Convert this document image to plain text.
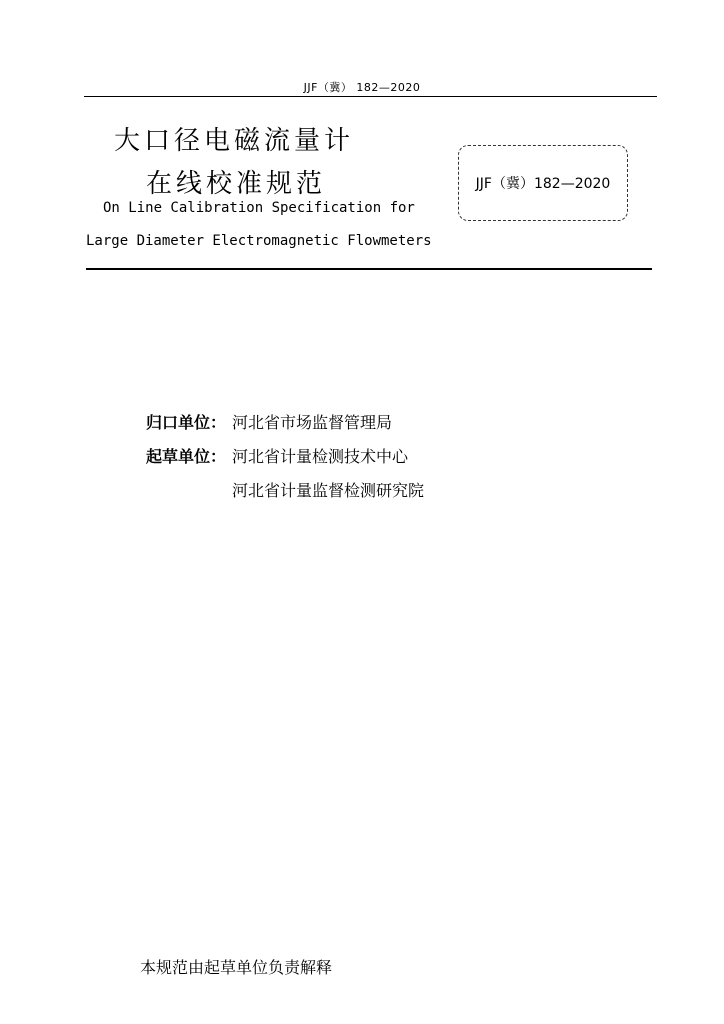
JJF（冀） 182—2020
大口径电磁流量计
在线校准规范
On Line Calibration Specification for
Large Diameter Electromagnetic Flowmeters
JJF（冀）182—2020
归口单位： 河北省市场监督管理局
起草单位： 河北省计量检测技术中心
河北省计量监督检测研究院
本规范由起草单位负责解释
